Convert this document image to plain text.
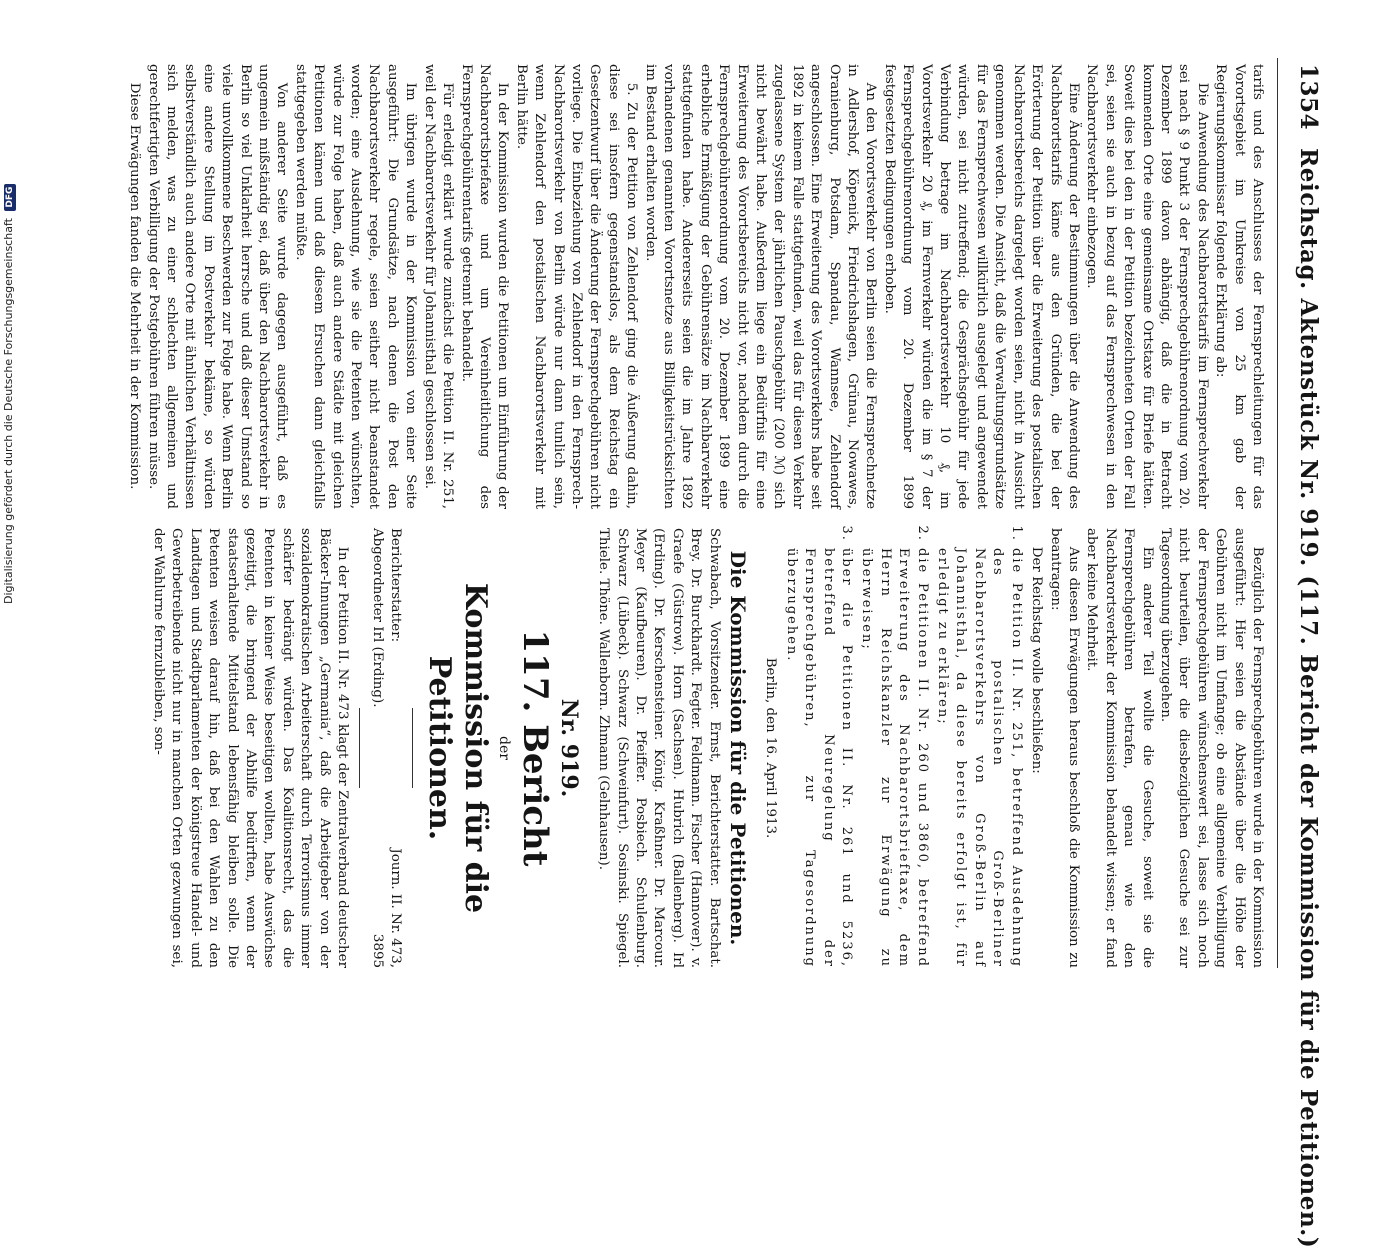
Digitalisierung gefördert durch die Deutsche Forschungsgemeinschaft DFG
1354
Reichstag. Aktenstück Nr. 919. (117. Bericht der Kommission für die Petitionen.)

tarifs und des Anschlusses der Fernsprechleitungen für das Vorortsgebiet im Umkreise von 25 km gab der Regierungskommissar folgende Erklärung ab:

Die Anwendung des Nachbarortstarifs im Fernsprechverkehr sei nach § 9 Punkt 3 der Fernsprechgebührenordnung vom 20. Dezember 1899 davon abhängig, daß die in Betracht kommenden Orte eine gemeinsame Ortstaxe für Briefe hätten. Soweit dies bei den in der Petition bezeichneten Orten der Fall sei, seien sie auch in bezug auf das Fernsprechwesen in den Nachbarortsverkehr einbezogen.

Eine Änderung der Bestimmungen über die Anwendung des Nachbarortstarifs käme aus den Gründen, die bei der Erörterung der Petition über die Erweiterung des postalischen Nachbarortsbereichs dargelegt worden seien, nicht in Aussicht genommen werden. Die Ansicht, daß die Verwaltungsgrundsätze für das Fernsprechwesen willkürlich ausgelegt und angewendet würden, sei nicht zutreffend; die Gesprächsgebühr für jede Verbindung betrage im Nachbarortsverkehr 10 ₰, im Vorortsverkehr 20 ₰, im Fernverkehr würden die im § 7 der Fernsprechgebührenordnung vom 20. Dezember 1899 festgesetzten Bedingungen erhoben.

An den Vorortsverkehr von Berlin seien die Fernsprechnetze in Adlershof, Köpenick, Friedrichshagen, Grünau, Nowawes, Oranienburg, Potsdam, Spandau, Wannsee, Zehlendorf angeschlossen. Eine Erweiterung des Vorortsverkehrs habe seit 1892 in keinem Falle stattgefunden, weil das für diesen Verkehr zugelassene System der jährlichen Pauschgebühr (200 ℳ) sich nicht bewährt habe. Außerdem liege ein Bedürfnis für eine Erweiterung des Vorortsbereichs nicht vor, nachdem durch die Fernsprechgebührenordnung vom 20. Dezember 1899 eine erhebliche Ermäßigung der Gebührensätze im Nachbarverkehr stattgefunden habe. Andererseits seien die im Jahre 1892 vorhandenen genannten Vorortsnetze aus Billigkeitsrücksichten im Bestand erhalten worden.

5. Zu der Petition von Zehlendorf ging die Äußerung dahin, diese sei insofern gegenstandslos, als dem Reichstag ein Gesetzentwurf über die Änderung der Fernsprechgebühren nicht vorliege. Die Einbeziehung von Zehlendorf in den Fernsprech-Nachbarortsverkehr von Berlin würde nur dann tunlich sein, wenn Zehlendorf den postalischen Nachbarortsverkehr mit Berlin hätte.

In der Kommission wurden die Petitionen um Einführung der Nachbarortsbriefaxe und um Vereinheitlichung des Fernsprechgebührentarifs getrennt behandelt.

Für erledigt erklärt wurde zunächst die Petition II. Nr. 251, weil der Nachbarortsverkehr für Johannisthal geschlossen sei.

Im übrigen wurde in der Kommission von einer Seite ausgeführt: Die Grundsätze, nach denen die Post den Nachbarortsverkehr regele, seien seither nicht beanstandet worden; eine Ausdehnung, wie sie die Petenten wünschten, würde zur Folge haben, daß auch andere Städte mit gleichen Petitionen kämen und daß diesem Ersuchen dann gleichfalls stattgegeben werden müßte.

Von anderer Seite wurde dagegen ausgeführt, daß es ungemein mißständig sei, daß über den Nachbarortsverkehr in Berlin so viel Unklarheit herrsche und daß dieser Umstand so viele unvollkommene Beschwerden zur Folge habe. Wenn Berlin eine andere Stellung im Postverkehr bekäme, so würden selbstverständlich auch andere Orte mit ähnlichen Verhältnissen sich melden, was zu einer schlechten allgemeinen und gerechtfertigten Verbilligung der Postgebühren führen müsse.

Diese Erwägungen fanden die Mehrheit in der Kommission.

Bezüglich der Fernsprechgebühren wurde in der Kommission ausgeführt: Hier seien die Abstände über die Höhe der Gebühren nicht im Umfange; ob eine allgemeine Verbilligung der Fernsprechgebühren wünschenswert sei, lasse sich noch nicht beurteilen, über die diesbezüglichen Gesuche sei zur Tagesordnung überzugehen.

Ein anderer Teil wollte die Gesuche, soweit sie die Fernsprechgebühren betrafen, genau wie den Nachbarortsverkehr der Kommission behandelt wissen; er fand aber keine Mehrheit.

Aus diesen Erwägungen heraus beschloß die Kommission zu beantragen:

Der Reichstag wolle beschließen:

1. die Petition II. Nr. 251, betreffend Ausdehnung des postalischen Groß-Berliner Nachbarortsverkehrs von Groß-Berlin auf Johannisthal, da diese bereits erfolgt ist, für erledigt zu erklären;
2. die Petitionen II. Nr. 260 und 3860, betreffend Erweiterung des Nachbarortsbrieftaxe, dem Herrn Reichskanzler zur Erwägung zu überweisen;
3. über die Petitionen II. Nr. 261 und 5236, betreffend Neuregelung der Fernsprechgebühren, zur Tagesordnung überzugehen.

Berlin, den 16. April 1913.

Die Kommission für die Petitionen.
Schwabach, Vorsitzender. Ernst, Berichterstatter. Bartschat. Brey. Dr. Burckhardt. Fegter. Feldmann. Fischer (Hannover). v. Graefe (Güstrow). Horn (Sachsen). Hubrich (Ballenberg). Irl (Erding). Dr. Kerschensteiner. König. Kraßhner. Dr. Marcour. Meyer (Kaufbeuren). Dr. Pfeiffer. Posbiech. Schulenburg. Schwarz (Lübeck). Schwarz (Schweinfurt). Sosinski. Spiegel. Thiele. Thöne. Wallenborn. Zhmann (Gelnhausen).
Nr. 919.
117. Bericht
der
Kommission für die Petitionen.
Berichterstatter:
Abgeordneter Irl (Erding).
Journ. II. Nr. 473,
3895

In der Petition II. Nr. 473 klagt der Zentralverband deutscher Bäcker-Innungen „Germania“, daß die Arbeitgeber von der sozialdemokratischen Arbeiterschaft durch Terrorismus immer schärfer bedrängt würden. Das Koalitionsrecht, das die Petenten in keiner Weise beseitigen wollten, habe Auswüchse gezeitigt, die bringend der Abhilfe bedürften, wenn der staatserhaltende Mittelstand lebensfähig bleiben solle. Die Petenten weisen darauf hin, daß bei den Wahlen zu den Landtagen und Stadtparlamenten der königstreue Handel- und Gewerbetreibende nicht nur in manchen Orten gezwungen sei, der Wahlurne fernzubleiben, son-
